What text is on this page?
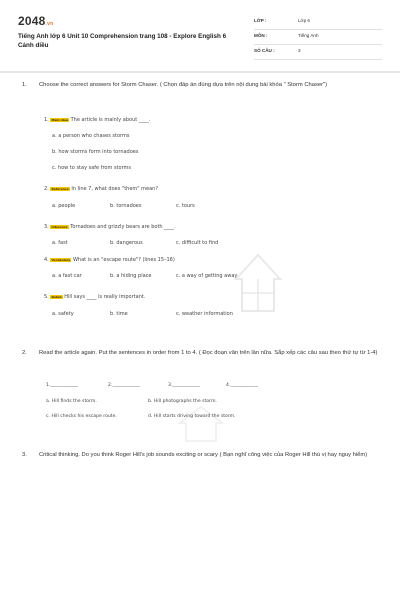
2048.vn
Tiếng Anh lớp 6 Unit 10 Comprehension trang 108 - Explore English 6 Cánh diều
LỚP :	Lớp 6
MÔN :	Tiếng Anh
SỐ CÂU :	3
1. Choose the correct answers for Storm Chaser. ( Chọn đáp án đúng dựa trên nội dung bài khóa " Storm Chaser")
1. Main idea The article is mainly about ____.
a. a person who chases storms
b. how storms form into tornadoes
c. how to stay safe from storms
2. Reference In line 7, what does "them" mean?
a. people	b. tornadoes	c. tours
3. Inference Tornadoes and grizzly bears are both ____.
a. fast	b. dangerous	c. difficult to find
4. Vocabulary What is an "escape route"? (lines 15–16)
a. a fast car	b. a hiding place	c. a way of getting away
5. Detail Hill says ____ is really important.
a. safety	b. time	c. weather information
2. Read the article again. Put the sentences in order from 1 to 4. ( Đọc đoạn văn trên lần nữa. Sắp xếp các câu sau theo thứ tự từ 1-4)
1.____________	2.____________	3.____________	4.____________
a. Hill finds the storm.	b. Hill photographs the storm.
c. Hill checks his escape route.	d. Hill starts driving toward the storm.
3. Critical thinking. Do you think Roger Hill's job sounds exciting or scary ( Bạn nghĩ công việc của Roger Hill thú vị hay nguy hiểm)
